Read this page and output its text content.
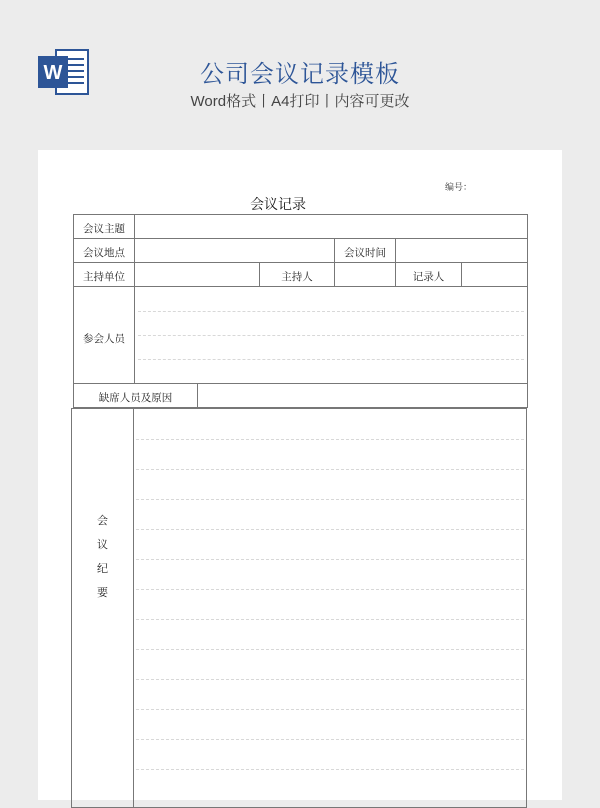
W	公司会议记录模板
Word格式丨A4打印丨内容可更改
编号：
会议记录
会议主题
会议地点	会议时间
主持单位	主持人	记录人
参会人员
缺席人员及原因
会
议
纪
要
